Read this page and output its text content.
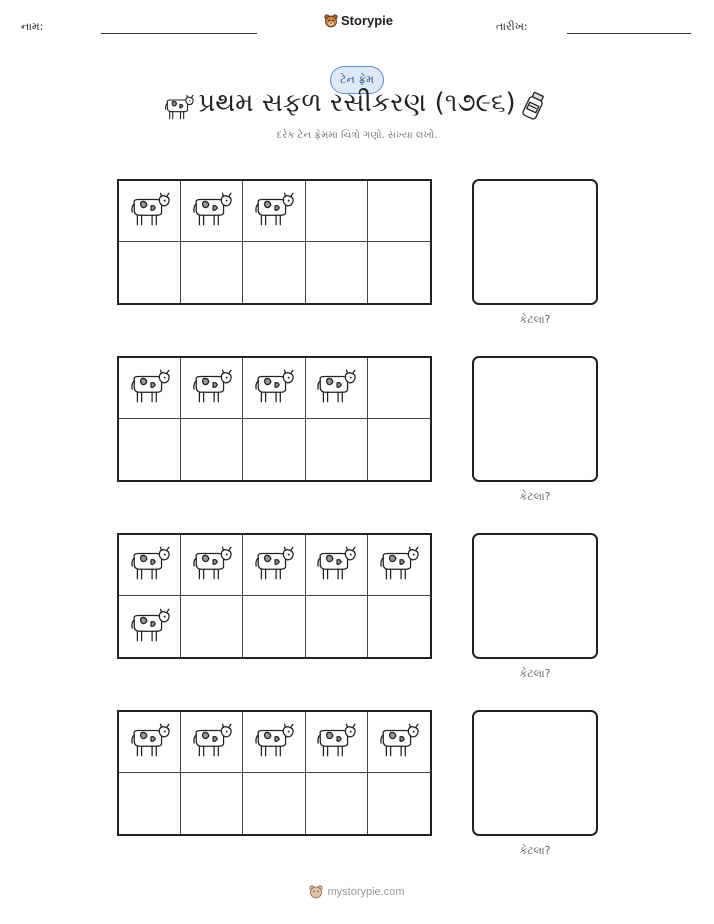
નામ:	Storypie	તારીખ:
ટેન ફ્રેમ
પ્રથમ સફળ રસીકરણ (૧૭૯૬)
દરેક ટેન ફ્રેમમાં ચિત્રો ગણો. સંખ્યા લખો.
કેટલા?
કેટલા?
કેટલા?
કેટલા?
mystorypie.com
